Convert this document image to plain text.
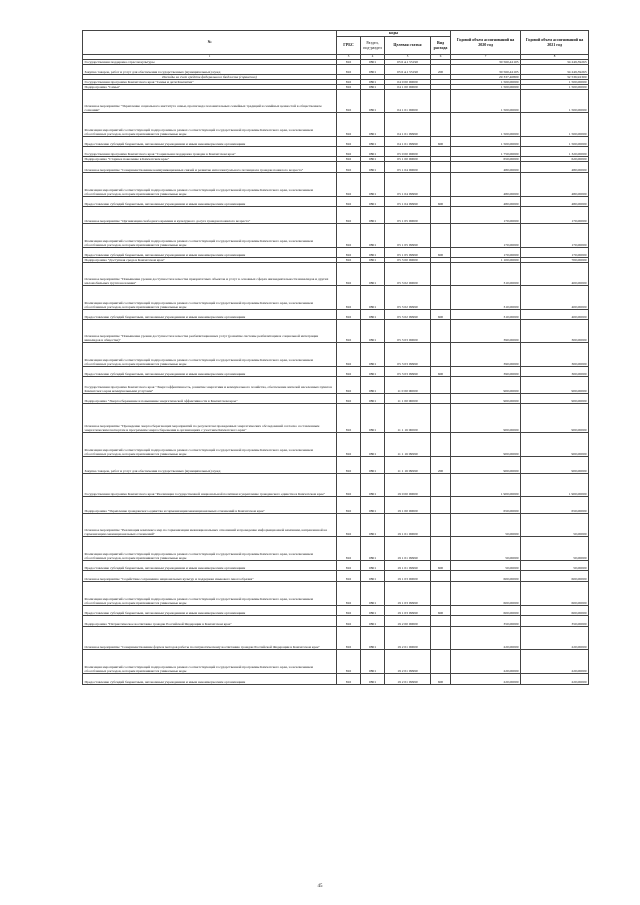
№	коды				Годовой объем ассигнований на 2020 год	Годовой объем ассигнований на 2021 год
	ГРБС	Раздел, под-раздел	Целевая статья	Вид расхода		
1	3	4	5	6	7	8
Государственная поддержка отрасли культуры	816	0801	03 6 A1 55190		30 560,42105	34 249,39263
Закупка товаров, работ и услуг для обеспечения государственных (муниципальных) нужд	816	0801	03 6 A1 55190	200	30 560,42105	34 249,39263
Расходы за счет средств федерального бюджета (справочно)					29 337,40800	32 536,92300
Государственная программа Камчатского края "Семья и дети Камчатки"	816	0801	04 0 00 00000		1 500,00000	1 500,00000
Подпрограмма "Семья"	816	0801	04 1 00 00000		1 500,00000	1 500,00000
Основное мероприятие "Укрепление социального института семьи, пропаганда положительных семейных традиций и семейных ценностей в общественном сознании"	816	0801	04 1 01 00000		1 500,00000	1 500,00000
Реализация мероприятий соответствующей подпрограммы в рамках соответствующей государственной программы Камчатского края, за исключением обособленных расходов, которым присваиваются уникальные коды	816	0801	04 1 01 09990		1 500,00000	1 500,00000
Предоставление субсидий бюджетным, автономным учреждениям и иным некоммерческим организациям	816	0801	04 1 01 09990	600	1 500,00000	1 500,00000
Государственная программа Камчатского края "Социальная поддержка граждан в Камчатском крае"	816	0801	05 0 00 00000		1 750,00000	1 320,00000
Подпрограмма "Старшее поколение в Камчатском крае"	816	0801	05 1 00 00000		650,00000	620,00000
Основное мероприятие "Совершенствование коммуникационных связей и развитие интеллектуального потенциала граждан пожилого возраста"	816	0801	05 1 04 00000		480,00000	480,00000
Реализация мероприятий соответствующей подпрограммы в рамках соответствующей государственной программы Камчатского края, за исключением обособленных расходов, которым присваиваются уникальные коды	816	0801	05 1 04 09990		480,00000	480,00000
Предоставление субсидий бюджетным, автономным учреждениям и иным некоммерческим организациям	816	0801	05 1 04 09990	600	480,00000	480,00000
Основное мероприятие "Организация свободного времени и культурного досуга граждан пожилого возраста"	816	0801	05 1 05 00000		170,00000	170,00000
Реализация мероприятий соответствующей подпрограммы в рамках соответствующей государственной программы Камчатского края, за исключением обособленных расходов, которым присваиваются уникальные коды	816	0801	05 1 05 09990		170,00000	170,00000
Предоставление субсидий бюджетным, автономным учреждениям и иным некоммерческим организациям	816	0801	05 1 05 09990	600	170,00000	170,00000
Подпрограмма "Доступная среда в Камчатском крае"	816	0801	05 3 00 00000		1 100,00000	700,00000
Основное мероприятие "Повышение уровня доступности и качества приоритетных объектов и услуг в основных сферах жизнедеятельности инвалидов и других маломобильных групп населения"	816	0801	05 3 02 00000		310,00000	400,00000
Реализация мероприятий соответствующей подпрограммы в рамках соответствующей государственной программы Камчатского края, за исключением обособленных расходов, которым присваиваются уникальные коды	816	0801	05 3 02 09990		310,00000	400,00000
Предоставление субсидий бюджетным, автономным учреждениям и иным некоммерческим организациям	816	0801	05 3 02 09990	600	310,00000	400,00000
Основное мероприятие "Повышение уровня доступности и качества реабилитационных услуг (развитие системы реабилитации и социальной интеграции инвалидов в обществе)"	816	0801	05 3 03 00000		390,00000	300,00000
Реализация мероприятий соответствующей подпрограммы в рамках соответствующей государственной программы Камчатского края, за исключением обособленных расходов, которым присваиваются уникальные коды	816	0801	05 3 03 09990		390,00000	300,00000
Предоставление субсидий бюджетным, автономным учреждениям и иным некоммерческим организациям	816	0801	05 3 03 09990	600	390,00000	300,00000
Государственная программа Камчатского края "Энергоэффективность, развитие энергетики и коммунального хозяйства, обеспечение жителей населенных пунктов Камчатского края коммунальными услугами"	816	0801	11 0 00 00000		900,00000	900,00000
Подпрограмма "Энергосбережение и повышение энергетической эффективности в Камчатском крае"	816	0801	11 1 00 00000		900,00000	900,00000
Основное мероприятие "Проведение энергосберегающих мероприятий по результатам проведенных энергетических обследований согласно составленным энергетическим паспортам и программам энергосбережения в организациях с участием Камчатского края"	816	0801	11 1 16 00000		900,00000	900,00000
Реализация мероприятий соответствующей подпрограммы в рамках соответствующей государственной программы Камчатского края, за исключением обособленных расходов, которым присваиваются уникальные коды	816	0801	11 1 16 09990		900,00000	900,00000
Закупка товаров, работ и услуг для обеспечения государственных (муниципальных) нужд	816	0801	11 1 16 09990	200	900,00000	900,00000
Государственная программа Камчатского края "Реализация государственной национальной политики и укрепление гражданского единства в Камчатском крае"	816	0801	19 0 00 00000		1 900,00000	1 900,00000
Подпрограмма "Укрепление гражданского единства и гармонизация межнациональных отношений в Камчатском крае"	816	0801	19 1 00 00000		650,00000	650,00000
Основное мероприятие "Реализация комплекса мер по гармонизации межнациональных отношений и проведение информационной кампании, направленной на гармонизацию межнациональных отношений"	816	0801	19 1 01 00000		50,00000	50,00000
Реализация мероприятий соответствующей подпрограммы в рамках соответствующей государственной программы Камчатского края, за исключением обособленных расходов, которым присваиваются уникальные коды	816	0801	19 1 01 09990		50,00000	50,00000
Предоставление субсидий бюджетным, автономным учреждениям и иным некоммерческим организациям	816	0801	19 1 01 09990	600	50,00000	50,00000
Основное мероприятие "Содействие сохранению национальных культур и поддержка языкового многообразия"	816	0801	19 1 03 00000		600,00000	600,00000
Реализация мероприятий соответствующей подпрограммы в рамках соответствующей государственной программы Камчатского края, за исключением обособленных расходов, которым присваиваются уникальные коды	816	0801	19 1 03 09990		600,00000	600,00000
Предоставление субсидий бюджетным, автономным учреждениям и иным некоммерческим организациям	816	0801	19 1 03 09990	600	600,00000	600,00000
Подпрограмма "Патриотическое воспитание граждан Российской Федерации в Камчатском крае"	816	0801	19 2 00 00000		350,00000	350,00000
Основное мероприятие "Совершенствование форм и методов работы по патриотическому воспитанию граждан Российской Федерации в Камчатском крае"	816	0801	19 2 01 00000		220,00000	220,00000
Реализация мероприятий соответствующей подпрограммы в рамках соответствующей государственной программы Камчатского края, за исключением обособленных расходов, которым присваиваются уникальные коды	816	0801	19 2 01 09990		220,00000	220,00000
Предоставление субсидий бюджетным, автономным учреждениям и иным некоммерческим организациям	816	0801	19 2 01 09990	600	220,00000	220,00000
45
